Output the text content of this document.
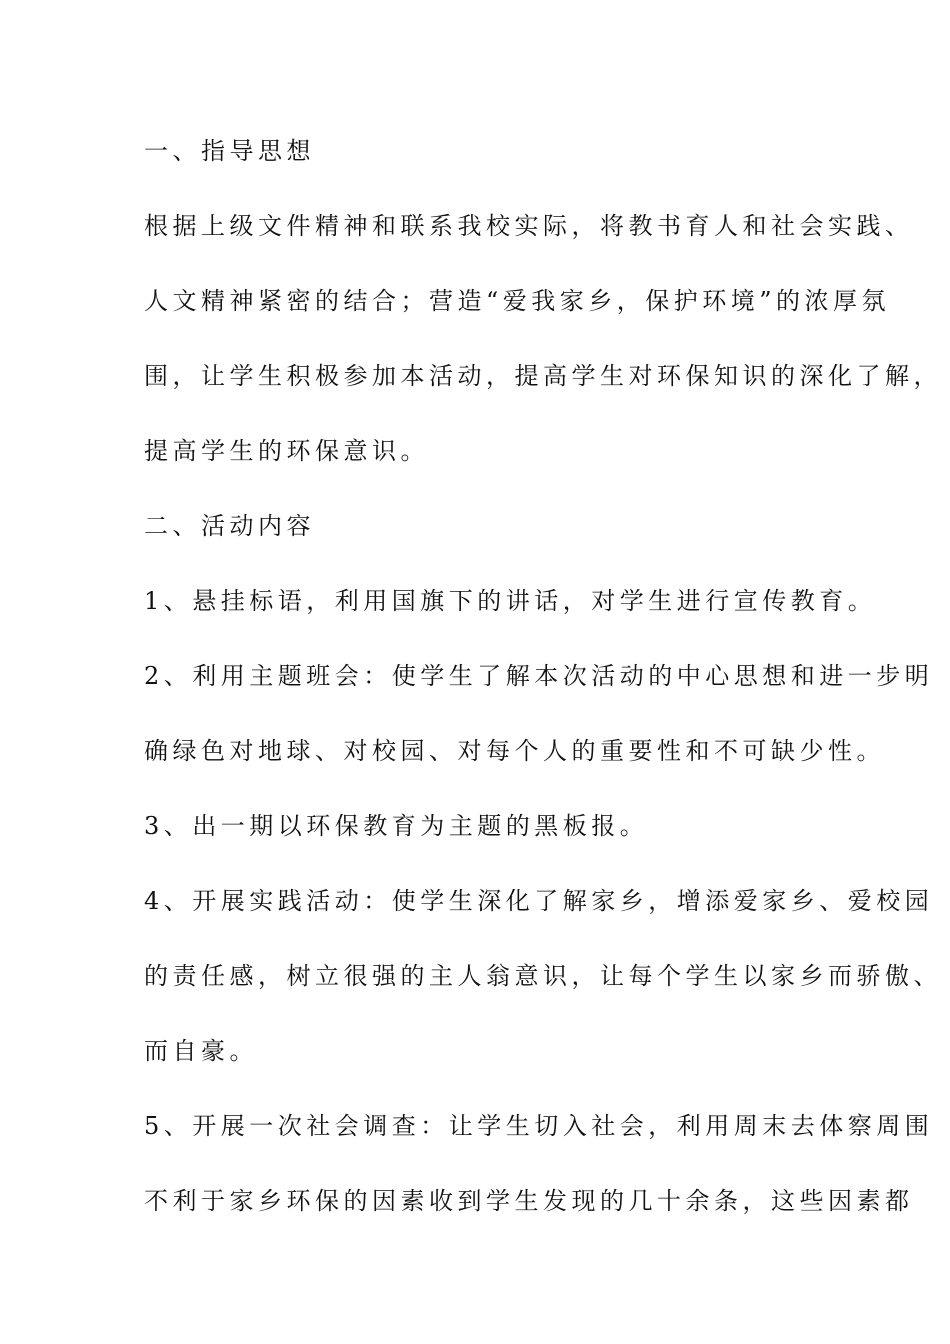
一、指导思想

根据上级文件精神和联系我校实际，将教书育人和社会实践、

人文精神紧密的结合；营造“爱我家乡，保护环境”的浓厚氛

围，让学生积极参加本活动，提高学生对环保知识的深化了解，

提高学生的环保意识。

二、活动内容

1、悬挂标语，利用国旗下的讲话，对学生进行宣传教育。

2、利用主题班会：使学生了解本次活动的中心思想和进一步明

确绿色对地球、对校园、对每个人的重要性和不可缺少性。

3、出一期以环保教育为主题的黑板报。

4、开展实践活动：使学生深化了解家乡，增添爱家乡、爱校园

的责任感，树立很强的主人翁意识，让每个学生以家乡而骄傲、

而自豪。

5、开展一次社会调查：让学生切入社会，利用周末去体察周围

不利于家乡环保的因素收到学生发现的几十余条，这些因素都
